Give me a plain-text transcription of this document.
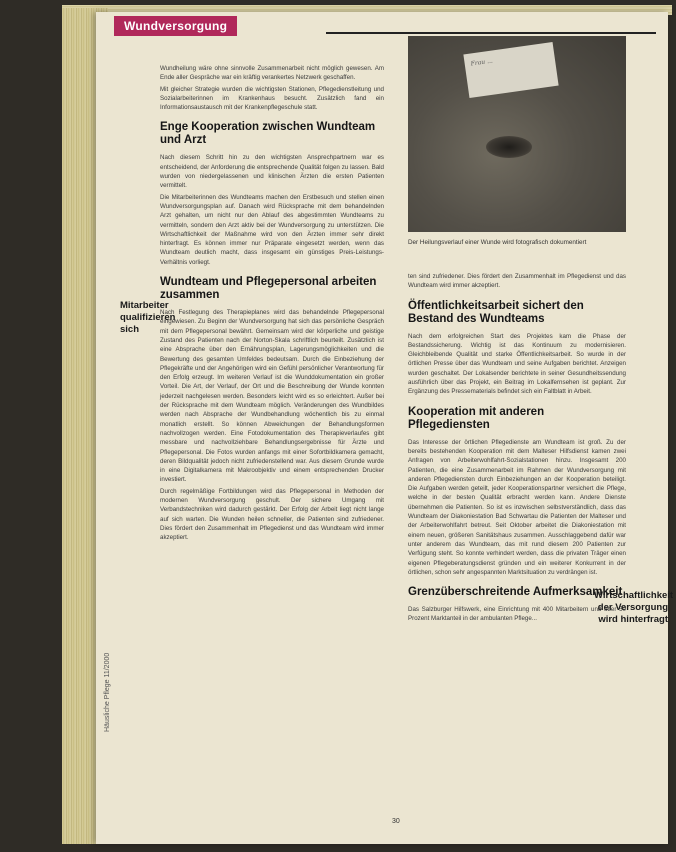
Wundversorgung

Wundheilung wäre ohne sinnvolle Zusammenarbeit nicht möglich gewesen. Am Ende aller Gespräche war ein kräftig verankertes Netzwerk geschaffen.

Mit gleicher Strategie wurden die wichtigsten Stationen, Pflegedienstleitung und Sozialarbeiterinnen im Krankenhaus besucht. Zusätzlich fand ein Informationsaustausch mit der Krankenpflegeschule statt.

Enge Kooperation zwischen Wundteam und Arzt

Nach diesem Schritt hin zu den wichtigsten Ansprechpartnern war es entscheidend, der Anforderung die entsprechende Qualität folgen zu lassen. Bald wurden von niedergelassenen und klinischen Ärzten die ersten Patienten vermittelt.

Die Mitarbeiterinnen des Wundteams machen den Erstbesuch und stellen einen Wundversorgungsplan auf. Danach wird Rücksprache mit dem behandelnden Arzt gehalten, um nicht nur den Ablauf des abgestimmten Wundteams zu vermitteln, sondern den Arzt aktiv bei der Wundversorgung zu unterstützen. Die Wirtschaftlichkeit der Maßnahme wird von den Ärzten immer sehr direkt hinterfragt. Es können immer nur Präparate eingesetzt werden, wenn das Wundteam deutlich macht, dass insgesamt ein günstiges Preis-Leistungs-Verhältnis vorliegt.

Wundteam und Pflegepersonal arbeiten zusammen

Nach Festlegung des Therapieplanes wird das behandelnde Pflegepersonal eingewiesen. Zu Beginn der Wundversorgung hat sich das persönliche Gespräch mit dem Pflegepersonal bewährt. Gemeinsam wird der körperliche und geistige Zustand des Patienten nach der Norton-Skala schriftlich beurteilt. Zusätzlich ist eine Absprache über den Ernährungsplan, Lagerungsmöglichkeiten und die Bewertung des gesamten Umfeldes bedeutsam. Durch die Einbeziehung der Pflegekräfte und der Angehörigen wird ein Gefühl persönlicher Verantwortung für den Erfolg erzeugt. Im weiteren Verlauf ist die Wunddokumentation ein großer Vorteil. Die Art, der Verlauf, der Ort und die Beschreibung der Wunde konnten jederzeit nachgelesen werden. Besonders leicht wird es so erleichtert. Außer bei der Rücksprache mit dem Wundteam möglich. Veränderungen des Wundbildes werden nach Absprache der Wundbehandlung wöchentlich bis zu einmal monatlich erstellt. So können Abweichungen der Behandlungsformen nachvollzogen werden. Eine Fotodokumentation des Therapieverlaufes gibt messbare und nachvollziehbare Behandlungsergebnisse für Ärzte und Pflegepersonal. Die Fotos wurden anfangs mit einer Sofortbildkamera gemacht, deren Bildqualität jedoch nicht zufriedenstellend war. Aus diesem Grunde wurde in eine Digitalkamera mit Makroobjektiv und einem entsprechenden Drucker investiert.

Durch regelmäßige Fortbildungen wird das Pflegepersonal in Methoden der modernen Wundversorgung geschult. Der sichere Umgang mit Verbandstechniken wird dadurch gestärkt. Der Erfolg der Arbeit liegt nicht lange auf sich warten. Die Wunden heilen schneller, die Patienten sind zufriedener. Dies fördert den Zusammenhalt im Pflegedienst und das Wundteam wird immer akzeptiert.

Frau ...
Der Heilungsverlauf einer Wunde wird fotografisch dokumentiert

ten sind zufriedener. Dies fördert den Zusammenhalt im Pflegedienst und das Wundteam wird immer akzeptiert.

Öffentlichkeitsarbeit sichert den Bestand des Wundteams

Nach dem erfolgreichen Start des Projektes kam die Phase der Bestandssicherung. Wichtig ist das Kontinuum zu modernisieren. Gleichbleibende Qualität und starke Öffentlichkeitsarbeit. So wurde in der örtlichen Presse über das Wundteam und seine Aufgaben berichtet. Anzeigen wurden geschaltet. Der Lokalsender berichtete in seiner Gesundheitssendung ausführlich über das Projekt, ein Beitrag im Lokalfernsehen ist geplant. Zur Ergänzung des Pressematerials befindet sich ein Faltblatt in Arbeit.

Kooperation mit anderen Pflegediensten

Das Interesse der örtlichen Pflegedienste am Wundteam ist groß. Zu der bereits bestehenden Kooperation mit dem Malteser Hilfsdienst kamen zwei Anfragen von Arbeiterwohlfahrt-Sozialstationen hinzu. Insgesamt 200 Patienten, die eine Zusammenarbeit im Rahmen der Wundversorgung mit anderen Pflegediensten durch Einbeziehungen an der Kooperation beteiligt. Die Aufgaben werden geteilt, jeder Kooperationspartner versichert die Pflege, welche in der besten Qualität erbracht werden kann. Andere Dienste übernehmen die Patienten. So ist es inzwischen selbstverständlich, dass das Wundteam der Diakoniestation Bad Schwartau die Patienten der Malteser und der Arbeiterwohlfahrt betreut. Seit Oktober arbeitet die Diakoniestation mit einem neuen, größeren Sanitätshaus zusammen. Ausschlaggebend dafür war unter anderem das Wundteam, das mit rund diesem 200 Patienten zur Verfügung steht. So konnte verhindert werden, dass die privaten Träger einen eigenen Pflegeberatungsdienst gründen und ein weiterer Konkurrent in der örtlichen, schon sehr angespannten Marktsituation zu verdrängen ist.

Grenzüberschreitende Aufmerksamkeit

Das Salzburger Hilfswerk, eine Einrichtung mit 400 Mitarbeitern und über 50 Prozent Marktanteil in der ambulanten Pflege...

Mitarbeiter qualifizieren sich
Wirtschaftlichkeit der Versorgung wird hinterfragt
Häusliche Pflege 11/2000
30
